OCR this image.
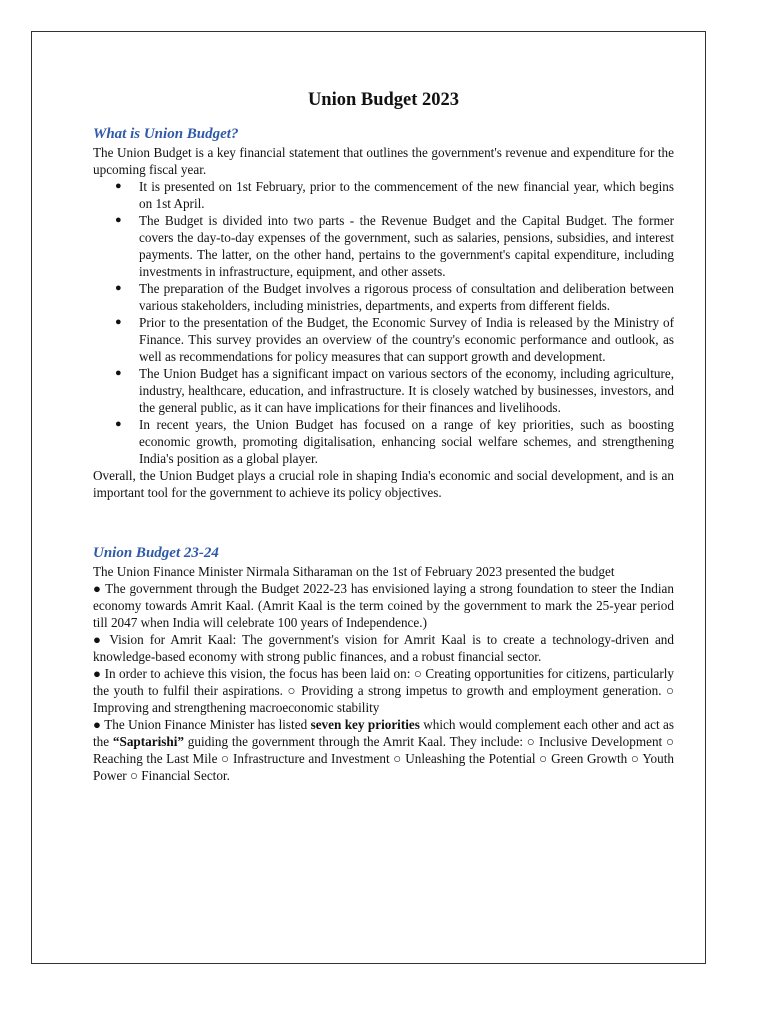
Union Budget 2023

What is Union Budget?

The Union Budget is a key financial statement that outlines the government's revenue and expenditure for the upcoming fiscal year.

● It is presented on 1st February, prior to the commencement of the new financial year, which begins on 1st April.
● The Budget is divided into two parts - the Revenue Budget and the Capital Budget. The former covers the day-to-day expenses of the government, such as salaries, pensions, subsidies, and interest payments. The latter, on the other hand, pertains to the government's capital expenditure, including investments in infrastructure, equipment, and other assets.
● The preparation of the Budget involves a rigorous process of consultation and deliberation between various stakeholders, including ministries, departments, and experts from different fields.
● Prior to the presentation of the Budget, the Economic Survey of India is released by the Ministry of Finance. This survey provides an overview of the country's economic performance and outlook, as well as recommendations for policy measures that can support growth and development.
● The Union Budget has a significant impact on various sectors of the economy, including agriculture, industry, healthcare, education, and infrastructure. It is closely watched by businesses, investors, and the general public, as it can have implications for their finances and livelihoods.
● In recent years, the Union Budget has focused on a range of key priorities, such as boosting economic growth, promoting digitalisation, enhancing social welfare schemes, and strengthening India's position as a global player.

Overall, the Union Budget plays a crucial role in shaping India's economic and social development, and is an important tool for the government to achieve its policy objectives.

Union Budget 23-24

The Union Finance Minister Nirmala Sitharaman on the 1st of February 2023 presented the budget

● The government through the Budget 2022-23 has envisioned laying a strong foundation to steer the Indian economy towards Amrit Kaal. (Amrit Kaal is the term coined by the government to mark the 25-year period till 2047 when India will celebrate 100 years of Independence.)

● Vision for Amrit Kaal: The government's vision for Amrit Kaal is to create a technology-driven and knowledge-based economy with strong public finances, and a robust financial sector.

● In order to achieve this vision, the focus has been laid on: ○ Creating opportunities for citizens, particularly the youth to fulfil their aspirations. ○ Providing a strong impetus to growth and employment generation. ○ Improving and strengthening macroeconomic stability

● The Union Finance Minister has listed seven key priorities which would complement each other and act as the “Saptarishi” guiding the government through the Amrit Kaal. They include: ○ Inclusive Development ○ Reaching the Last Mile ○ Infrastructure and Investment ○ Unleashing the Potential ○ Green Growth ○ Youth Power ○ Financial Sector.
